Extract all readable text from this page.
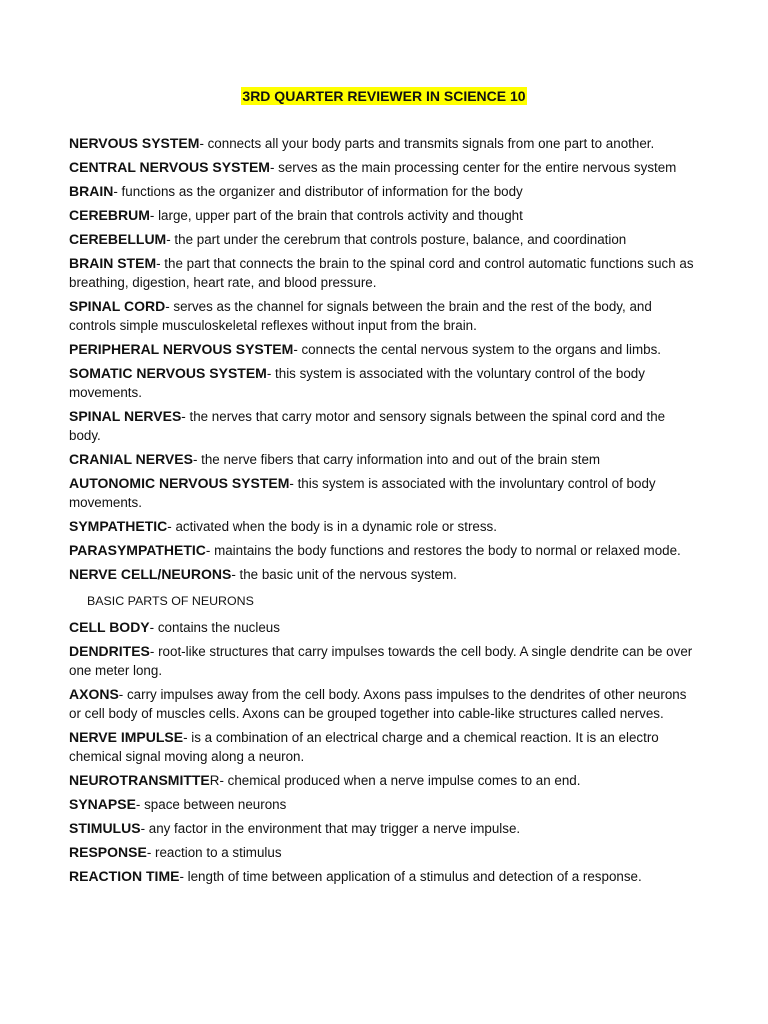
3RD QUARTER REVIEWER IN SCIENCE 10

NERVOUS SYSTEM- connects all your body parts and transmits signals from one part to another.

CENTRAL NERVOUS SYSTEM- serves as the main processing center for the entire nervous system

BRAIN- functions as the organizer and distributor of information for the body

CEREBRUM- large, upper part of the brain that controls activity and thought

CEREBELLUM- the part under the cerebrum that controls posture, balance, and coordination

BRAIN STEM- the part that connects the brain to the spinal cord and control automatic functions such as breathing, digestion, heart rate, and blood pressure.

SPINAL CORD- serves as the channel for signals between the brain and the rest of the body, and controls simple musculoskeletal reflexes without input from the brain.

PERIPHERAL NERVOUS SYSTEM- connects the cental nervous system to the organs and limbs.

SOMATIC NERVOUS SYSTEM- this system is associated with the voluntary control of the body movements.

SPINAL NERVES- the nerves that carry motor and sensory signals between the spinal cord and the body.

CRANIAL NERVES- the nerve fibers that carry information into and out of the brain stem

AUTONOMIC NERVOUS SYSTEM- this system is associated with the involuntary control of body movements.

SYMPATHETIC- activated when the body is in a dynamic role or stress.

PARASYMPATHETIC- maintains the body functions and restores the body to normal or relaxed mode.

NERVE CELL/NEURONS- the basic unit of the nervous system.

BASIC PARTS OF NEURONS

CELL BODY- contains the nucleus

DENDRITES- root-like structures that carry impulses towards the cell body. A single dendrite can be over one meter long.

AXONS- carry impulses away from the cell body. Axons pass impulses to the dendrites of other neurons or cell body of muscles cells. Axons can be grouped together into cable-like structures called nerves.

NERVE IMPULSE- is a combination of an electrical charge and a chemical reaction. It is an electro chemical signal moving along a neuron.

NEUROTRANSMITTER- chemical produced when a nerve impulse comes to an end.

SYNAPSE- space between neurons

STIMULUS- any factor in the environment that may trigger a nerve impulse.

RESPONSE- reaction to a stimulus

REACTION TIME- length of time between application of a stimulus and detection of a response.
